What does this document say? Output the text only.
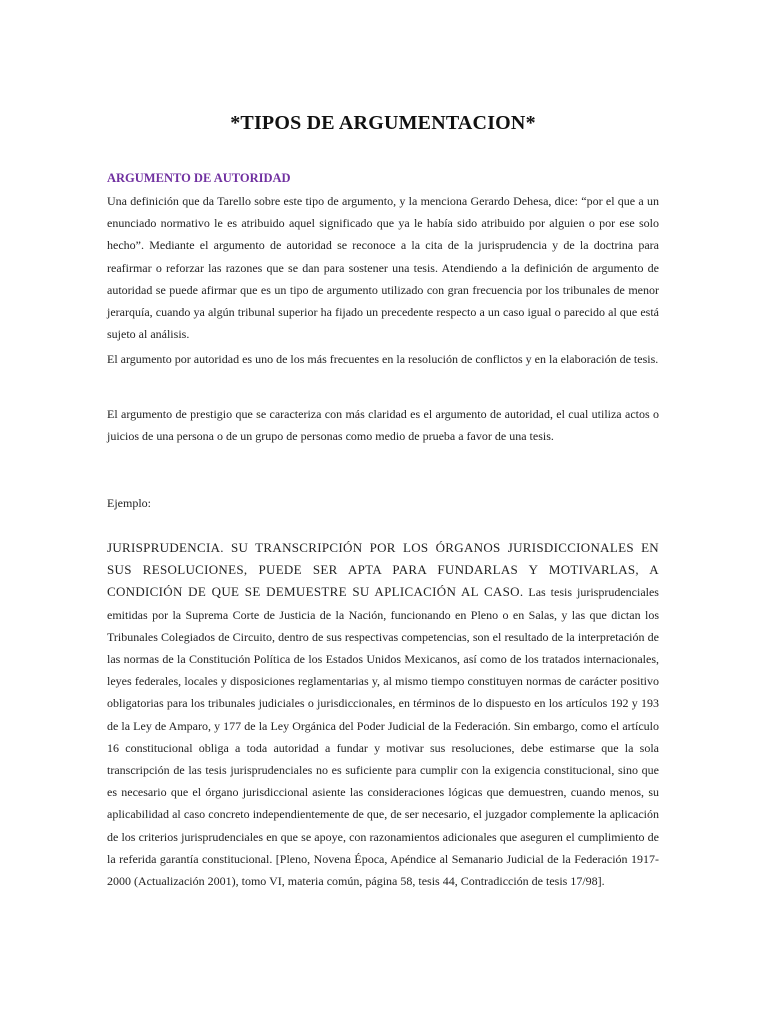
*TIPOS DE ARGUMENTACION*
ARGUMENTO DE AUTORIDAD

Una definición que da Tarello sobre este tipo de argumento, y la menciona Gerardo Dehesa, dice: “por el que a un enunciado normativo le es atribuido aquel significado que ya le había sido atribuido por alguien o por ese solo hecho”. Mediante el argumento de autoridad se reconoce a la cita de la jurisprudencia y de la doctrina para reafirmar o reforzar las razones que se dan para sostener una tesis. Atendiendo a la definición de argumento de autoridad se puede afirmar que es un tipo de argumento utilizado con gran frecuencia por los tribunales de menor jerarquía, cuando ya algún tribunal superior ha fijado un precedente respecto a un caso igual o parecido al que está sujeto al análisis.

El argumento por autoridad es uno de los más frecuentes en la resolución de conflictos y en la elaboración de tesis.

El argumento de prestigio que se caracteriza con más claridad es el argumento de autoridad, el cual utiliza actos o juicios de una persona o de un grupo de personas como medio de prueba a favor de una tesis.

Ejemplo:

JURISPRUDENCIA. SU TRANSCRIPCIÓN POR LOS ÓRGANOS JURISDICCIONALES EN SUS RESOLUCIONES, PUEDE SER APTA PARA FUNDARLAS Y MOTIVARLAS, A CONDICIÓN DE QUE SE DEMUESTRE SU APLICACIÓN AL CASO. Las tesis jurisprudenciales emitidas por la Suprema Corte de Justicia de la Nación, funcionando en Pleno o en Salas, y las que dictan los Tribunales Colegiados de Circuito, dentro de sus respectivas competencias, son el resultado de la interpretación de las normas de la Constitución Política de los Estados Unidos Mexicanos, así como de los tratados internacionales, leyes federales, locales y disposiciones reglamentarias y, al mismo tiempo constituyen normas de carácter positivo obligatorias para los tribunales judiciales o jurisdiccionales, en términos de lo dispuesto en los artículos 192 y 193 de la Ley de Amparo, y 177 de la Ley Orgánica del Poder Judicial de la Federación. Sin embargo, como el artículo 16 constitucional obliga a toda autoridad a fundar y motivar sus resoluciones, debe estimarse que la sola transcripción de las tesis jurisprudenciales no es suficiente para cumplir con la exigencia constitucional, sino que es necesario que el órgano jurisdiccional asiente las consideraciones lógicas que demuestren, cuando menos, su aplicabilidad al caso concreto independientemente de que, de ser necesario, el juzgador complemente la aplicación de los criterios jurisprudenciales en que se apoye, con razonamientos adicionales que aseguren el cumplimiento de la referida garantía constitucional. [Pleno, Novena Época, Apéndice al Semanario Judicial de la Federación 1917-2000 (Actualización 2001), tomo VI, materia común, página 58, tesis 44, Contradicción de tesis 17/98].
